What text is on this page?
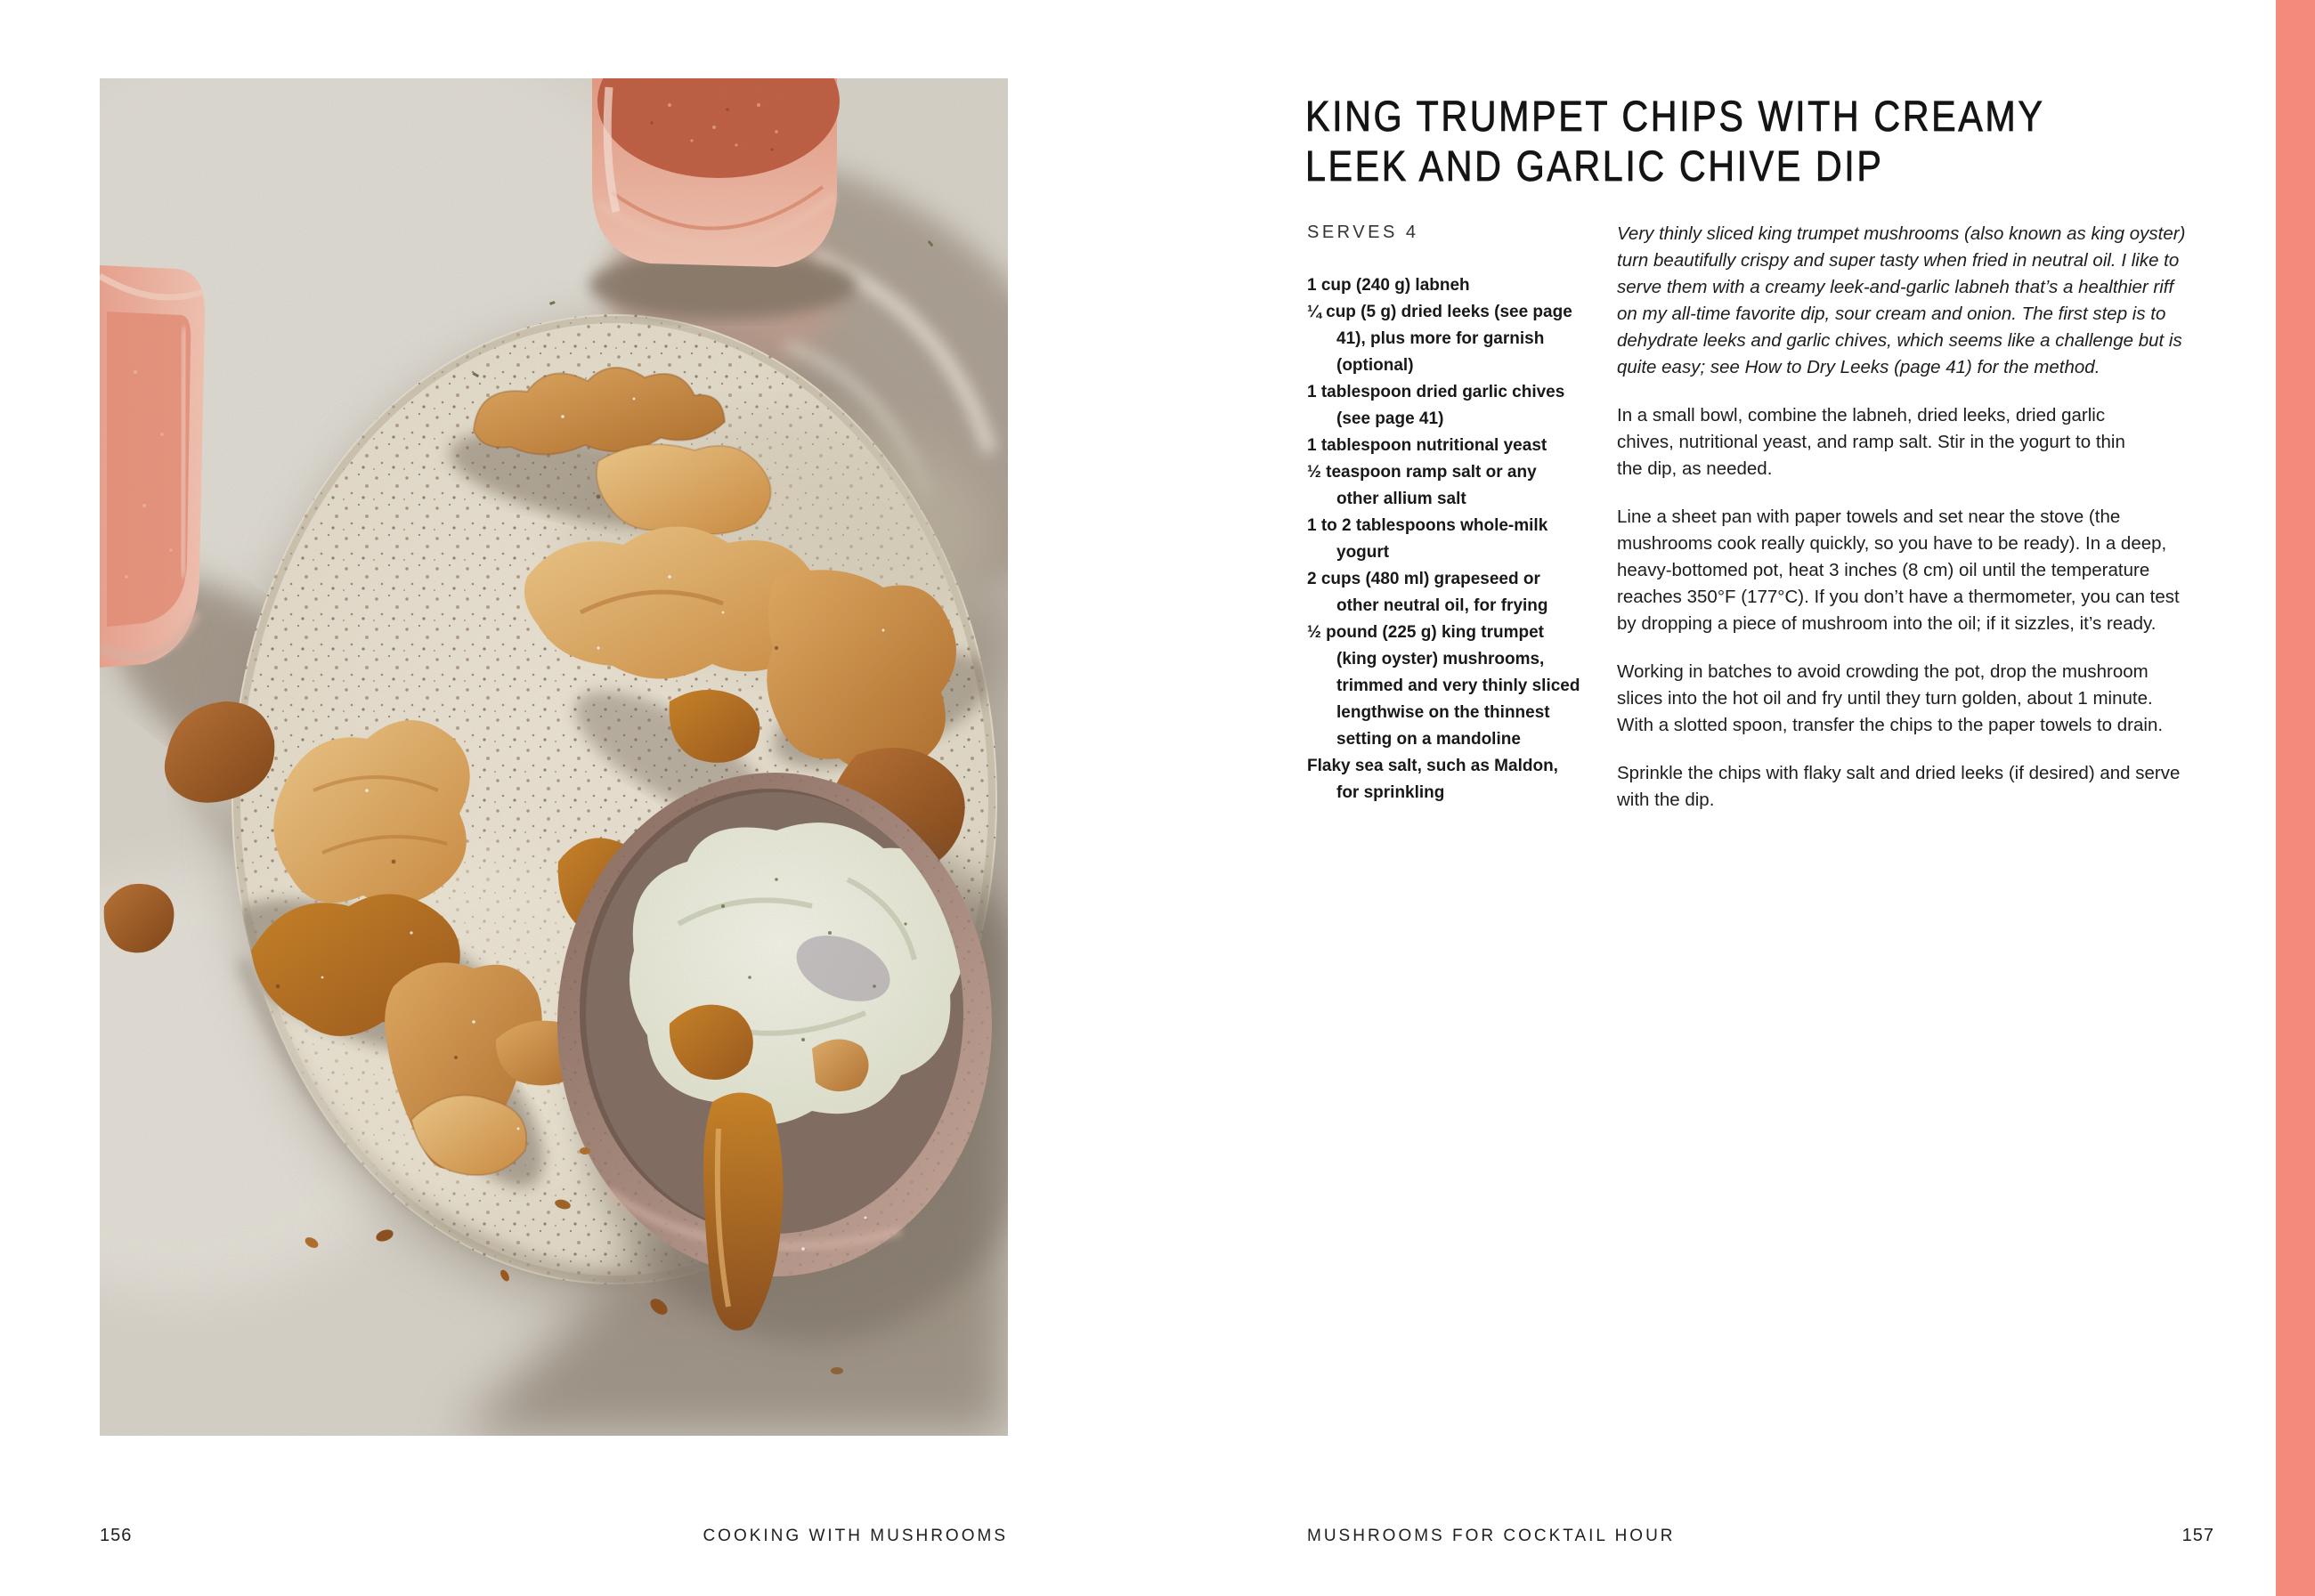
KING TRUMPET CHIPS WITH CREAMY
LEEK AND GARLIC CHIVE DIP
SERVES 4
1 cup (240 g) labneh
¼ cup (5 g) dried leeks (see page
41), plus more for garnish
(optional)
1 tablespoon dried garlic chives
(see page 41)
1 tablespoon nutritional yeast
½ teaspoon ramp salt or any
other allium salt
1 to 2 tablespoons whole-milk
yogurt
2 cups (480 ml) grapeseed or
other neutral oil, for frying
½ pound (225 g) king trumpet
(king oyster) mushrooms,
trimmed and very thinly sliced
lengthwise on the thinnest
setting on a mandoline
Flaky sea salt, such as Maldon,
for sprinkling
Very thinly sliced king trumpet mushrooms (also known as king oyster)
turn beautifully crispy and super tasty when fried in neutral oil. I like to
serve them with a creamy leek-and-garlic labneh that’s a healthier riff
on my all-time favorite dip, sour cream and onion. The first step is to
dehydrate leeks and garlic chives, which seems like a challenge but is
quite easy; see How to Dry Leeks (page 41) for the method.
In a small bowl, combine the labneh, dried leeks, dried garlic
chives, nutritional yeast, and ramp salt. Stir in the yogurt to thin
the dip, as needed.
Line a sheet pan with paper towels and set near the stove (the
mushrooms cook really quickly, so you have to be ready). In a deep,
heavy-bottomed pot, heat 3 inches (8 cm) oil until the temperature
reaches 350°F (177°C). If you don’t have a thermometer, you can test
by dropping a piece of mushroom into the oil; if it sizzles, it’s ready.
Working in batches to avoid crowding the pot, drop the mushroom
slices into the hot oil and fry until they turn golden, about 1 minute.
With a slotted spoon, transfer the chips to the paper towels to drain.
Sprinkle the chips with flaky salt and dried leeks (if desired) and serve
with the dip.
156	COOKING WITH MUSHROOMS	MUSHROOMS FOR COCKTAIL HOUR	157
